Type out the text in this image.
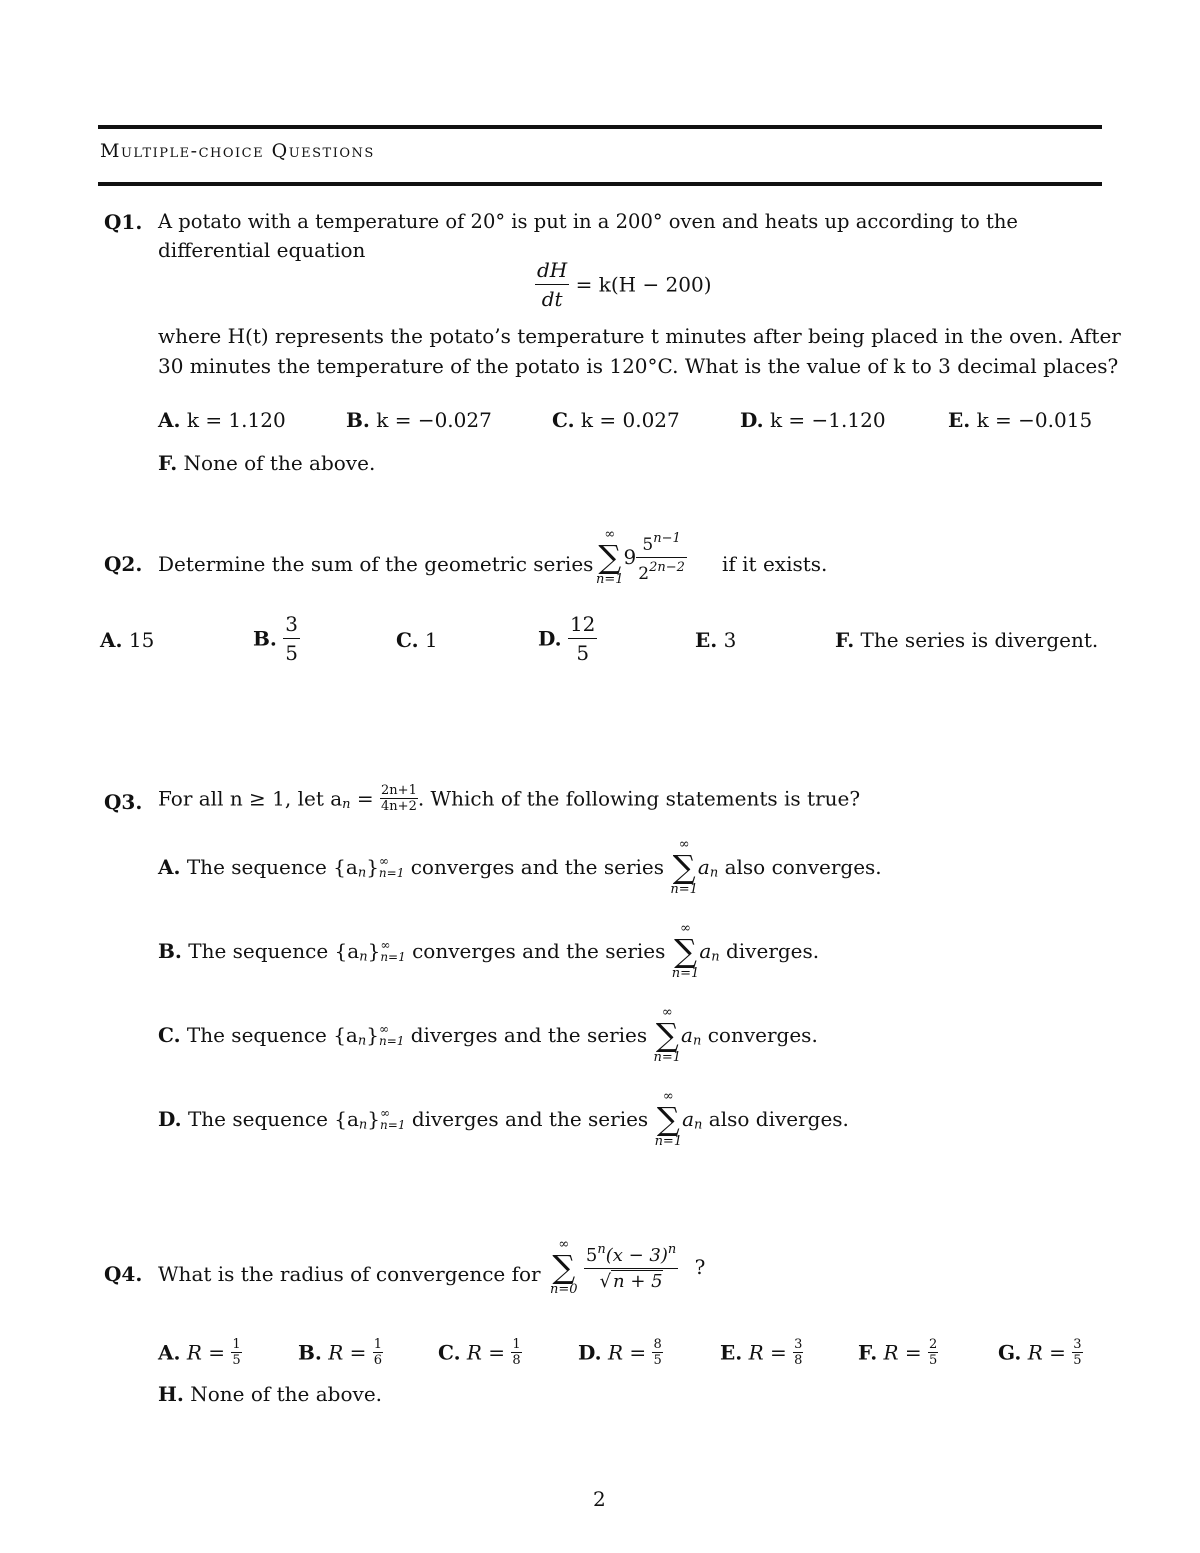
Multiple-choice Questions
Q1. A potato with a temperature of 20° is put in a 200° oven and heats up according to the
differential equation
$\frac{dH}{dt} = k(H - 200)$
where H(t) represents the potato’s temperature t minutes after being placed in the oven. After
30 minutes the temperature of the potato is 120°C. What is the value of k to 3 decimal places?
A. k = 1.120	B. k = −0.027	C. k = 0.027	D. k = −1.120	E. k = −0.015
F. None of the above.
Q2. Determine the sum of the geometric series
∞
∑
n=1
$9 \frac{5^{n-1}}{2^{2n-2}}$ if it exists.
A. 15	B. $\frac{3}{5}$	C. 1	D. $\frac{12}{5}$	E. 3	F. The series is divergent.
Q3. For all n ≥ 1, let $a_n = \frac{2n+1}{4n+2}$ . Which of the following statements is true?
A. The sequence $\{a_n\}$ ∞
n=1 converges and the series
∞
∑
n=1
$a_n$ also converges.
B. The sequence $\{a_n\}$ ∞
n=1 converges and the series
∞
∑
n=1
$a_n$ diverges.
C. The sequence $\{a_n\}$ ∞
n=1 diverges and the series
∞
∑
n=1
$a_n$ converges.
D. The sequence $\{a_n\}$ ∞
n=1 diverges and the series
∞
∑
n=1
$a_n$ also diverges.
Q4. What is the radius of convergence for
∞
∑
n=0
$\frac{5^n(x - 3)^n}{√ n + 5}$ ?
A. $R = \frac{1}{5}$	B. $R = \frac{1}{6}$	C. $R = \frac{1}{8}$	D. $R = \frac{8}{5}$	E. $R = \frac{3}{8}$	F. $R = \frac{2}{5}$	G. $R = \frac{3}{5}$
H. None of the above.
2
